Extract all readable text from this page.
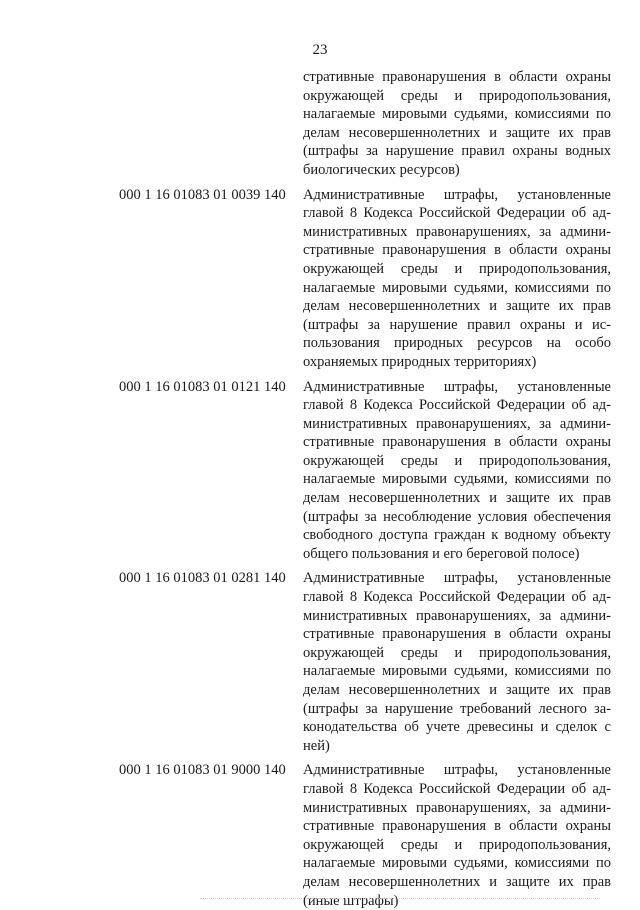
23
стративные правонарушения в области охраны
окружающей среды и природопользования,
налагаемые мировыми судьями, комиссиями по
делам несовершеннолетних и защите их прав
(штрафы за нарушение правил охраны водных
биологических ресурсов)
000 1 16 01083 01 0039 140 Административные штрафы, установленные
главой 8 Кодекса Российской Федерации об ад-
министративных правонарушениях, за админи-
стративные правонарушения в области охраны
окружающей среды и природопользования,
налагаемые мировыми судьями, комиссиями по
делам несовершеннолетних и защите их прав
(штрафы за нарушение правил охраны и ис-
пользования природных ресурсов на особо
охраняемых природных территориях)
000 1 16 01083 01 0121 140 Административные штрафы, установленные
главой 8 Кодекса Российской Федерации об ад-
министративных правонарушениях, за админи-
стративные правонарушения в области охраны
окружающей среды и природопользования,
налагаемые мировыми судьями, комиссиями по
делам несовершеннолетних и защите их прав
(штрафы за несоблюдение условия обеспечения
свободного доступа граждан к водному объекту
общего пользования и его береговой полосе)
000 1 16 01083 01 0281 140 Административные штрафы, установленные
главой 8 Кодекса Российской Федерации об ад-
министративных правонарушениях, за админи-
стративные правонарушения в области охраны
окружающей среды и природопользования,
налагаемые мировыми судьями, комиссиями по
делам несовершеннолетних и защите их прав
(штрафы за нарушение требований лесного за-
конодательства об учете древесины и сделок с
ней)
000 1 16 01083 01 9000 140 Административные штрафы, установленные
главой 8 Кодекса Российской Федерации об ад-
министративных правонарушениях, за админи-
стративные правонарушения в области охраны
окружающей среды и природопользования,
налагаемые мировыми судьями, комиссиями по
делам несовершеннолетних и защите их прав
(иные штрафы)
